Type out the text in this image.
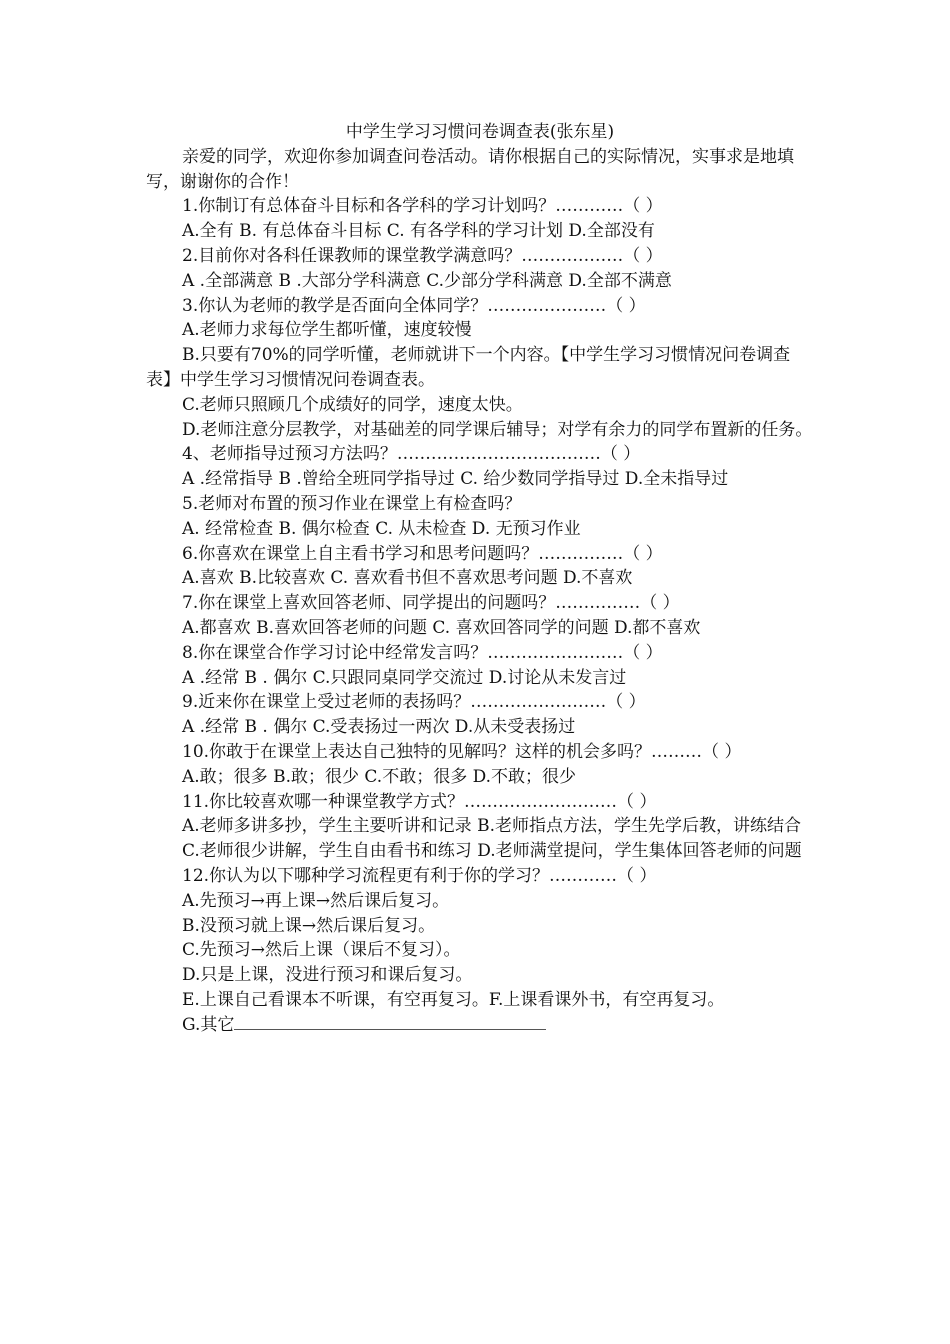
中学生学习习惯问卷调查表(张东星)

亲爱的同学，欢迎你参加调查问卷活动。请你根据自己的实际情况，实事求是地填写，谢谢你的合作！

1.你制订有总体奋斗目标和各学科的学习计划吗？…………（ ）

A.全有 B. 有总体奋斗目标 C. 有各学科的学习计划 D.全部没有

2.目前你对各科任课教师的课堂教学满意吗？………………（ ）

A .全部满意 B .大部分学科满意 C.少部分学科满意 D.全部不满意

3.你认为老师的教学是否面向全体同学？…………………（ ）

A.老师力求每位学生都听懂，速度较慢

B.只要有70%的同学听懂，老师就讲下一个内容。【中学生学习习惯情况问卷调查表】中学生学习习惯情况问卷调查表。

C.老师只照顾几个成绩好的同学，速度太快。

D.老师注意分层教学，对基础差的同学课后辅导；对学有余力的同学布置新的任务。

4、老师指导过预习方法吗？………………………………（ ）

A .经常指导 B .曾给全班同学指导过 C. 给少数同学指导过 D.全未指导过

5.老师对布置的预习作业在课堂上有检查吗？

A. 经常检查 B. 偶尔检查 C. 从未检查 D. 无预习作业

6.你喜欢在课堂上自主看书学习和思考问题吗？……………（ ）

A.喜欢 B.比较喜欢 C. 喜欢看书但不喜欢思考问题 D.不喜欢

7.你在课堂上喜欢回答老师、同学提出的问题吗？……………（ ）

A.都喜欢 B.喜欢回答老师的问题 C. 喜欢回答同学的问题 D.都不喜欢

8.你在课堂合作学习讨论中经常发言吗？……………………（ ）

A .经常 B . 偶尔 C.只跟同桌同学交流过 D.讨论从未发言过

9.近来你在课堂上受过老师的表扬吗？……………………（ ）

A .经常 B . 偶尔 C.受表扬过一两次 D.从未受表扬过

10.你敢于在课堂上表达自己独特的见解吗？这样的机会多吗？………（ ）

A.敢；很多 B.敢；很少 C.不敢；很多 D.不敢；很少

11.你比较喜欢哪一种课堂教学方式？………………………（ ）

A.老师多讲多抄，学生主要听讲和记录 B.老师指点方法，学生先学后教，讲练结合

C.老师很少讲解，学生自由看书和练习 D.老师满堂提问，学生集体回答老师的问题

12.你认为以下哪种学习流程更有利于你的学习？…………（ ）

A.先预习→再上课→然后课后复习。

B.没预习就上课→然后课后复习。

C.先预习→然后上课（课后不复习）。

D.只是上课，没进行预习和课后复习。

E.上课自己看课本不听课，有空再复习。F.上课看课外书，有空再复习。

G.其它
